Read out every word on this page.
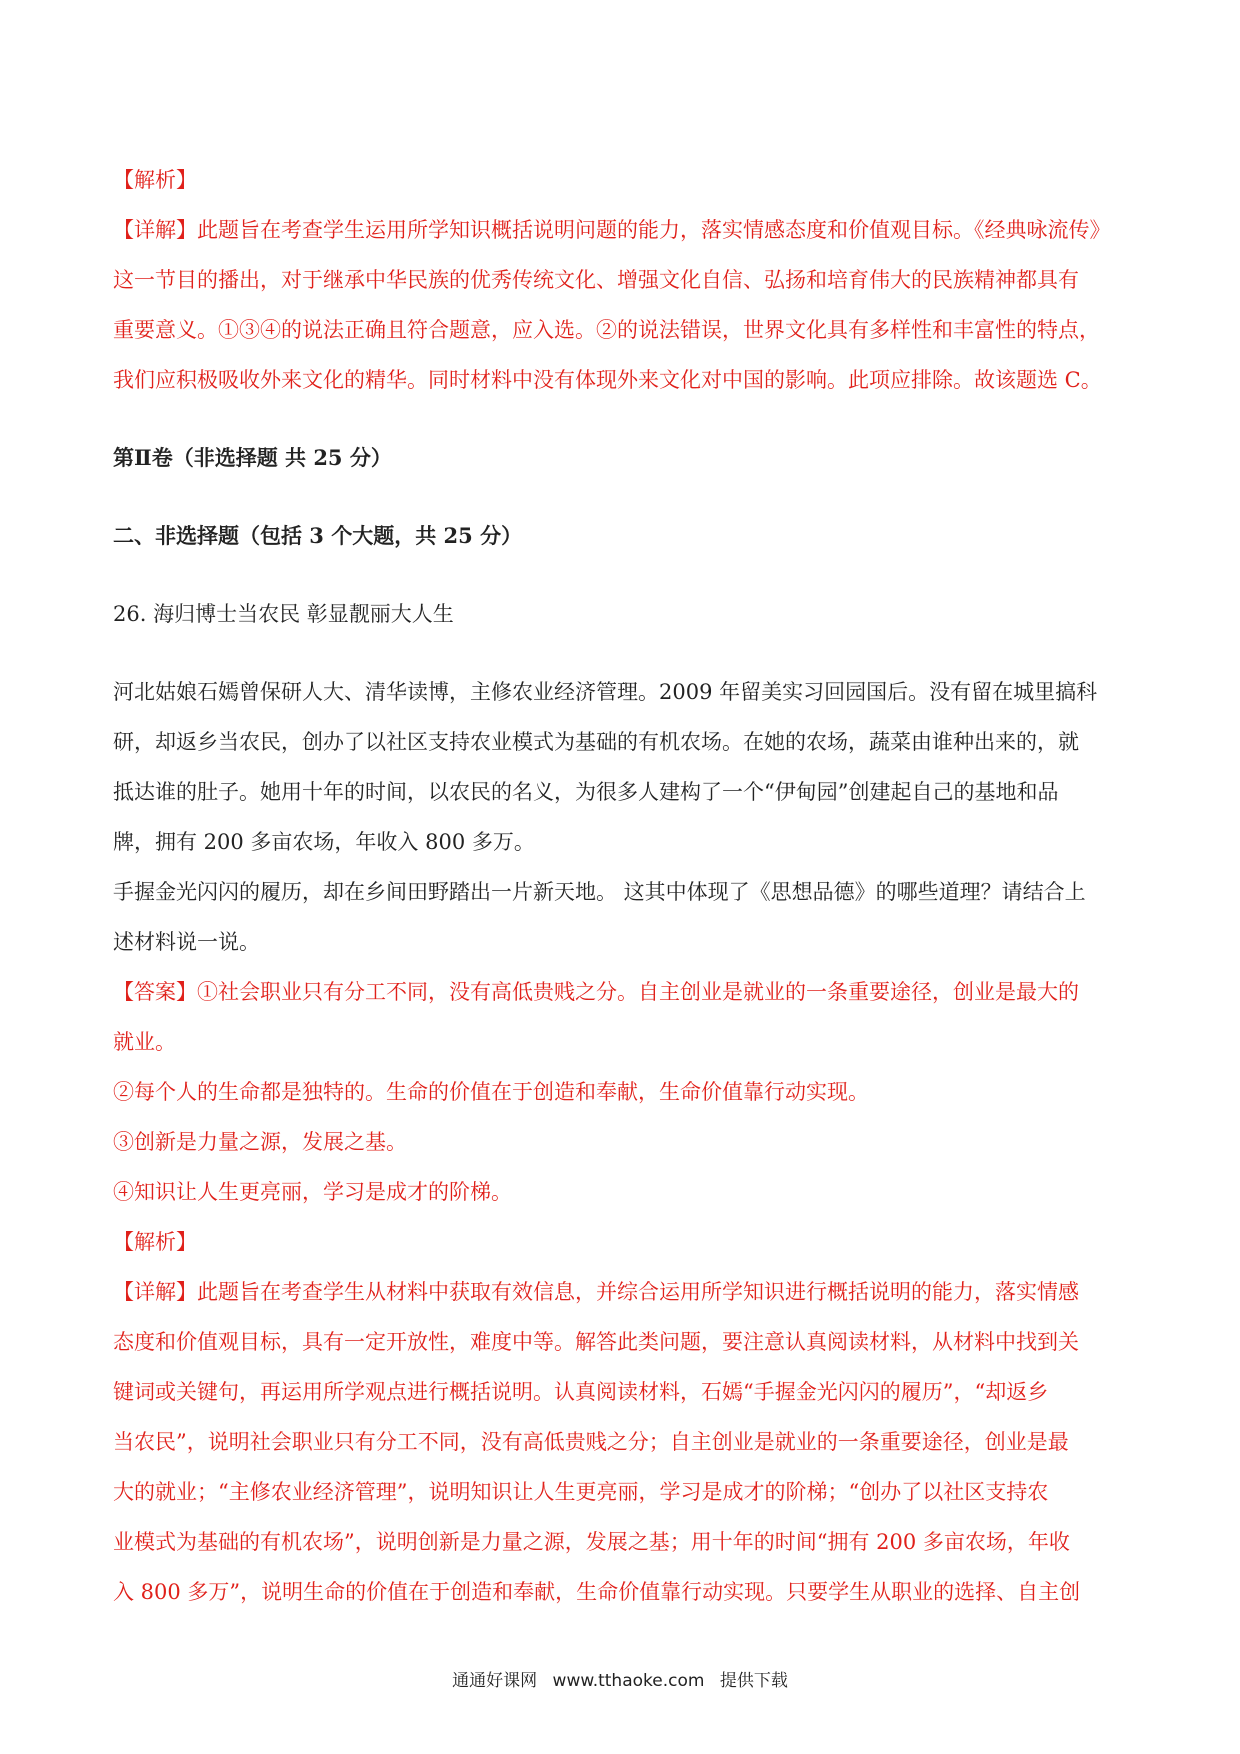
【解析】
【详解】此题旨在考查学生运用所学知识概括说明问题的能力，落实情感态度和价值观目标。《经典咏流传》
这一节目的播出，对于继承中华民族的优秀传统文化、增强文化自信、弘扬和培育伟大的民族精神都具有
重要意义。①③④的说法正确且符合题意，应入选。②的说法错误，世界文化具有多样性和丰富性的特点，
我们应积极吸收外来文化的精华。同时材料中没有体现外来文化对中国的影响。此项应排除。故该题选 C。
第Ⅱ卷（非选择题 共 25 分）
二、非选择题（包括 3 个大题，共 25 分）
26. 海归博士当农民 彰显靓丽大人生
河北姑娘石嫣曾保研人大、清华读博，主修农业经济管理。2009 年留美实习回园国后。没有留在城里搞科
研，却返乡当农民，创办了以社区支持农业模式为基础的有机农场。在她的农场，蔬菜由谁种出来的，就
抵达谁的肚子。她用十年的时间，以农民的名义，为很多人建构了一个“伊甸园”创建起自己的基地和品
牌，拥有 200 多亩农场，年收入 800 多万。
手握金光闪闪的履历，却在乡间田野踏出一片新天地。 这其中体现了《思想品德》的哪些道理？请结合上
述材料说一说。
【答案】①社会职业只有分工不同，没有高低贵贱之分。自主创业是就业的一条重要途径，创业是最大的
就业。
②每个人的生命都是独特的。生命的价值在于创造和奉献，生命价值靠行动实现。
③创新是力量之源，发展之基。
④知识让人生更亮丽，学习是成才的阶梯。
【解析】
【详解】此题旨在考查学生从材料中获取有效信息，并综合运用所学知识进行概括说明的能力，落实情感
态度和价值观目标，具有一定开放性，难度中等。解答此类问题，要注意认真阅读材料，从材料中找到关
键词或关键句，再运用所学观点进行概括说明。认真阅读材料，石嫣“手握金光闪闪的履历”，“却返乡
当农民”，说明社会职业只有分工不同，没有高低贵贱之分；自主创业是就业的一条重要途径，创业是最
大的就业；“主修农业经济管理”，说明知识让人生更亮丽，学习是成才的阶梯；“创办了以社区支持农
业模式为基础的有机农场”，说明创新是力量之源，发展之基；用十年的时间“拥有 200 多亩农场，年收
入 800 多万”，说明生命的价值在于创造和奉献，生命价值靠行动实现。只要学生从职业的选择、自主创
通通好课网 www.tthaoke.com 提供下载
